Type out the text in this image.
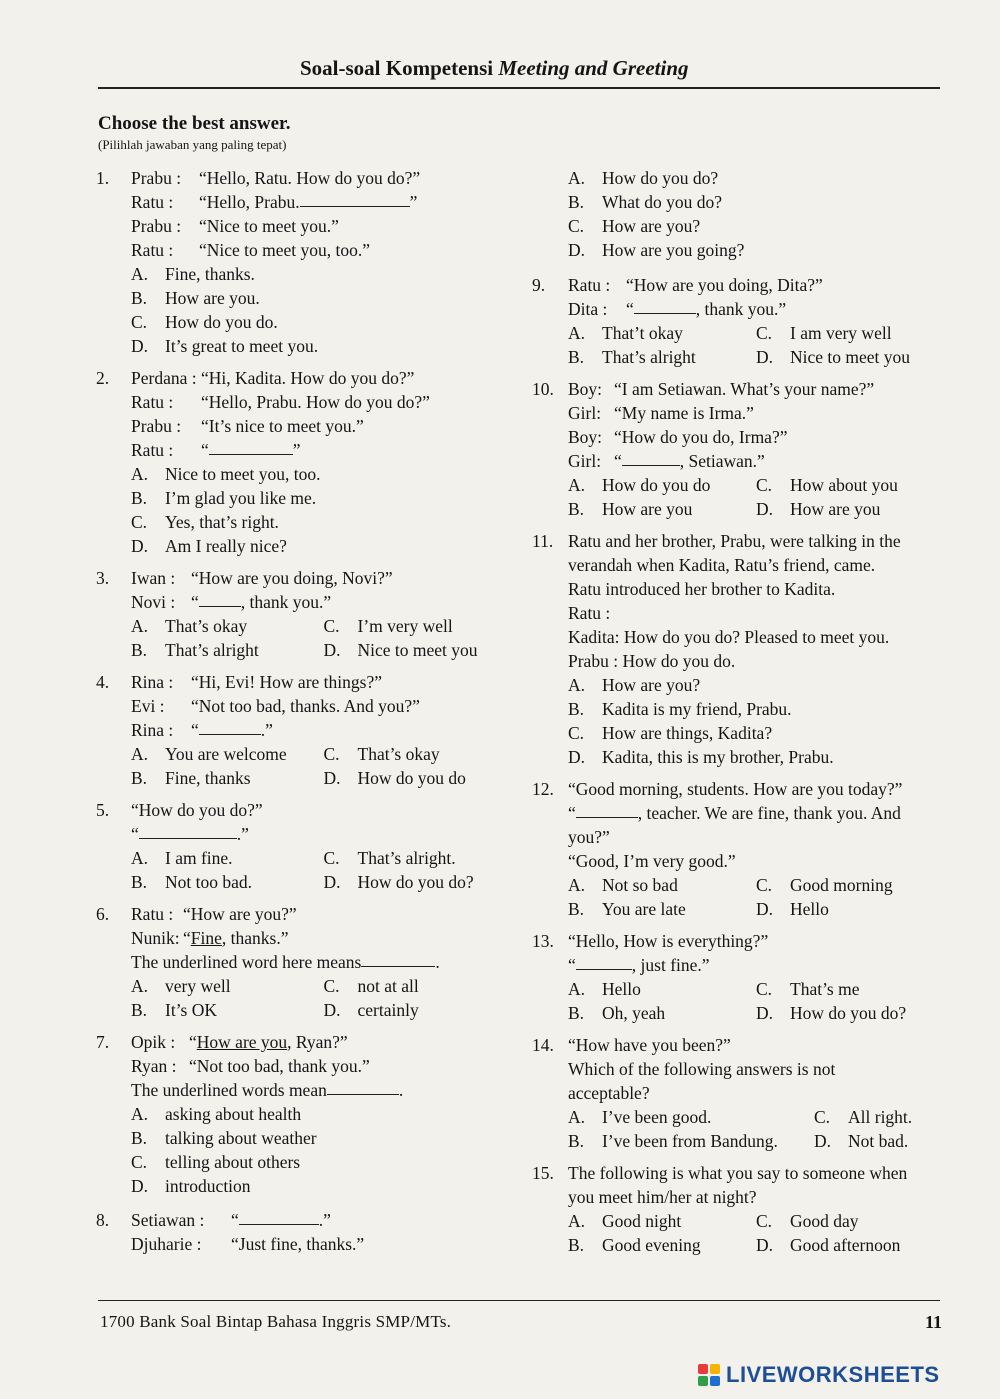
Soal-soal Kompetensi Meeting and Greeting
Choose the best answer.
(Pilihlah jawaban yang paling tepat)
1.	Prabu :	“Hello, Ratu. How do you do?”
Ratu :	“Hello, Prabu.	”
Prabu :	“Nice to meet you.”
Ratu :	“Nice to meet you, too.”
A. Fine, thanks.
B.	How are you.
C.	How do you do.
D. It’s great to meet you.
2.	Perdana : “Hi, Kadita. How do you do?”
Ratu :	“Hello, Prabu. How do you do?”
Prabu :	“It’s nice to meet you.”
Ratu :	“	”
A. Nice to meet you, too.
B.	I’m glad you like me.
C.	Yes, that’s right.
D. Am I really nice?
3.	Iwan : “How are you doing, Novi?”
Novi : “ , thank you.”
A. That’s okay	C.	I’m very well
B.	That’s alright	D. Nice to meet you
4.	Rina :	“Hi, Evi! How are things?”
Evi :	“Not too bad, thanks. And you?”
Rina :	“	.”
A. You are welcome C.	That’s okay
B.	Fine, thanks	D. How do you do
5.	“How do you do?”
“	.”
A. I am fine.	C.	That’s alright.
B.	Not too bad.	D. How do you do?
6.	Ratu : “How are you?”
Nunik: “ Fine , thanks.”
The underlined word here means	.
A. very well	C.	not at all
B.	It’s OK	D. certainly
7.	Opik : “ How are you , Ryan?”
Ryan : “Not too bad, thank you.”
The underlined words mean	.
A. asking about health
B.	talking about weather
C.	telling about others
D. introduction
8.	Setiawan :	“	.”
Djuharie :	“Just fine, thanks.”
A. How do you do?
B.	What do you do?
C.	How are you?
D. How are you going?
9.	Ratu : “How are you doing, Dita?”
Dita :	“	, thank you.”
A. That’t okay	C.	I am very well
B.	That’s alright	D. Nice to meet you
10. Boy: “I am Setiawan. What’s your name?”
Girl: “My name is Irma.”
Boy: “How do you do, Irma?”
Girl: “	, Setiawan.”
A. How do you do	C.	How about you
B.	How are you	D. How are you
11. Ratu and her brother, Prabu, were talking in the
verandah when Kadita, Ratu’s friend, came.
Ratu introduced her brother to Kadita.
Ratu :
Kadita: How do you do? Pleased to meet you.
Prabu : How do you do.
A. How are you?
B.	Kadita is my friend, Prabu.
C.	How are things, Kadita?
D. Kadita, this is my brother, Prabu.
12. “Good morning, students. How are you today?”
“	, teacher. We are fine, thank you. And
you?”
“Good, I’m very good.”
A. Not so bad	C.	Good morning
B.	You are late	D. Hello
13. “Hello, How is everything?”
“	, just fine.”
A. Hello	C.	That’s me
B.	Oh, yeah	D. How do you do?
14. “How have you been?”
Which of the following answers is not
acceptable?
A. I’ve been good.	C.	All right.
B.	I’ve been from Bandung. D. Not bad.
15. The following is what you say to someone when
you meet him/her at night?
A. Good night	C.	Good day
B.	Good evening	D. Good afternoon
1700 Bank Soal Bintap Bahasa Inggris SMP/MTs.	11
LIVEWORKSHEETS
